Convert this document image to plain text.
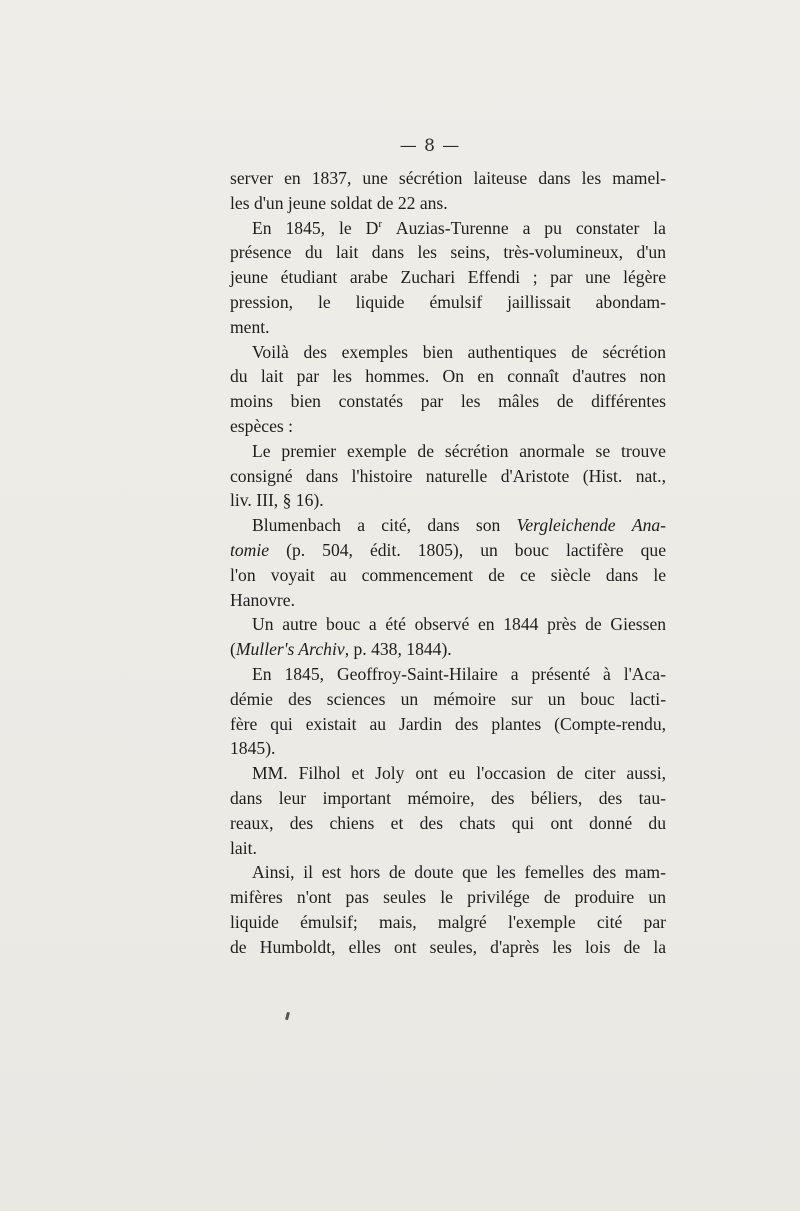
— 8 —
server en 1837, une sécrétion laiteuse dans les mamel-
les d'un jeune soldat de 22 ans.
En 1845, le Dr Auzias-Turenne a pu constater la
présence du lait dans les seins, très-volumineux, d'un
jeune étudiant arabe Zuchari Effendi ; par une légère
pression, le liquide émulsif jaillissait abondam-
ment.
Voilà des exemples bien authentiques de sécrétion
du lait par les hommes. On en connaît d'autres non
moins bien constatés par les mâles de différentes
espèces :
Le premier exemple de sécrétion anormale se trouve
consigné dans l'histoire naturelle d'Aristote (Hist. nat.,
liv. III, § 16).
Blumenbach a cité, dans son Vergleichende Ana-
tomie (p. 504, édit. 1805), un bouc lactifère que
l'on voyait au commencement de ce siècle dans le
Hanovre.
Un autre bouc a été observé en 1844 près de Giessen
(Muller's Archiv, p. 438, 1844).
En 1845, Geoffroy-Saint-Hilaire a présenté à l'Aca-
démie des sciences un mémoire sur un bouc lacti-
fère qui existait au Jardin des plantes (Compte-rendu,
1845).
MM. Filhol et Joly ont eu l'occasion de citer aussi,
dans leur important mémoire, des béliers, des tau-
reaux, des chiens et des chats qui ont donné du
lait.
Ainsi, il est hors de doute que les femelles des mam-
mifères n'ont pas seules le privilége de produire un
liquide émulsif; mais, malgré l'exemple cité par
de Humboldt, elles ont seules, d'après les lois de la
